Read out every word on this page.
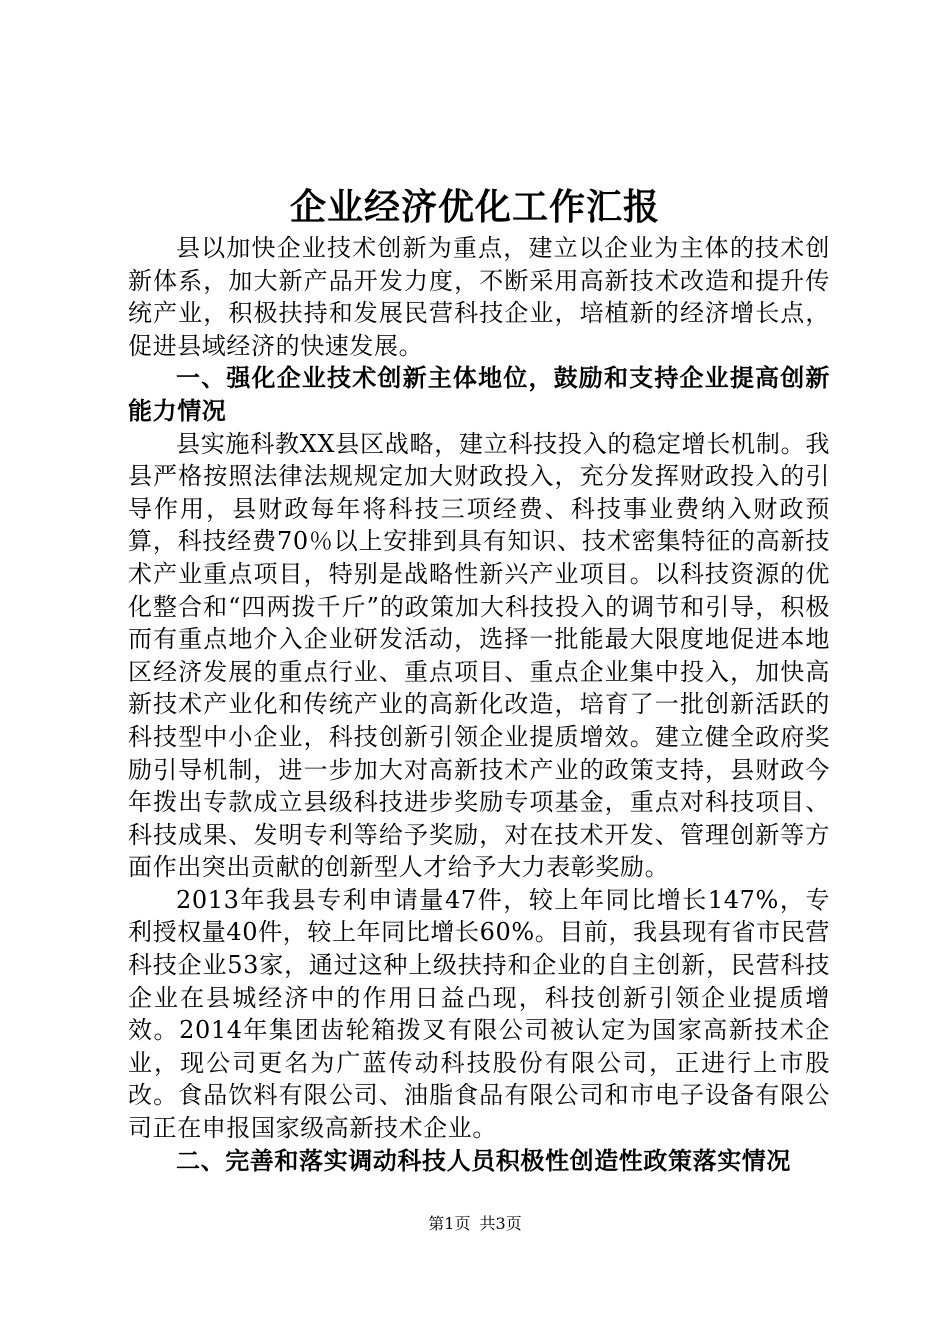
企业经济优化工作汇报

县以加快企业技术创新为重点，建立以企业为主体的技术创新体系，加大新产品开发力度，不断采用高新技术改造和提升传统产业，积极扶持和发展民营科技企业，培植新的经济增长点，促进县域经济的快速发展。

一、强化企业技术创新主体地位，鼓励和支持企业提高创新能力情况

县实施科教XX县区战略，建立科技投入的稳定增长机制。我县严格按照法律法规规定加大财政投入，充分发挥财政投入的引导作用，县财政每年将科技三项经费、科技事业费纳入财政预算，科技经费70％以上安排到具有知识、技术密集特征的高新技术产业重点项目，特别是战略性新兴产业项目。以科技资源的优化整合和“四两拨千斤”的政策加大科技投入的调节和引导，积极而有重点地介入企业研发活动，选择一批能最大限度地促进本地区经济发展的重点行业、重点项目、重点企业集中投入，加快高新技术产业化和传统产业的高新化改造，培育了一批创新活跃的科技型中小企业，科技创新引领企业提质增效。建立健全政府奖励引导机制，进一步加大对高新技术产业的政策支持，县财政今年拨出专款成立县级科技进步奖励专项基金，重点对科技项目、科技成果、发明专利等给予奖励，对在技术开发、管理创新等方面作出突出贡献的创新型人才给予大力表彰奖励。

2013年我县专利申请量47件，较上年同比增长147%，专利授权量40件，较上年同比增长60%。目前，我县现有省市民营科技企业53家，通过这种上级扶持和企业的自主创新，民营科技企业在县城经济中的作用日益凸现，科技创新引领企业提质增效。2014年集团齿轮箱拨叉有限公司被认定为国家高新技术企业，现公司更名为广蓝传动科技股份有限公司，正进行上市股改。食品饮料有限公司、油脂食品有限公司和市电子设备有限公司正在申报国家级高新技术企业。

二、完善和落实调动科技人员积极性创造性政策落实情况

第1页 共3页
